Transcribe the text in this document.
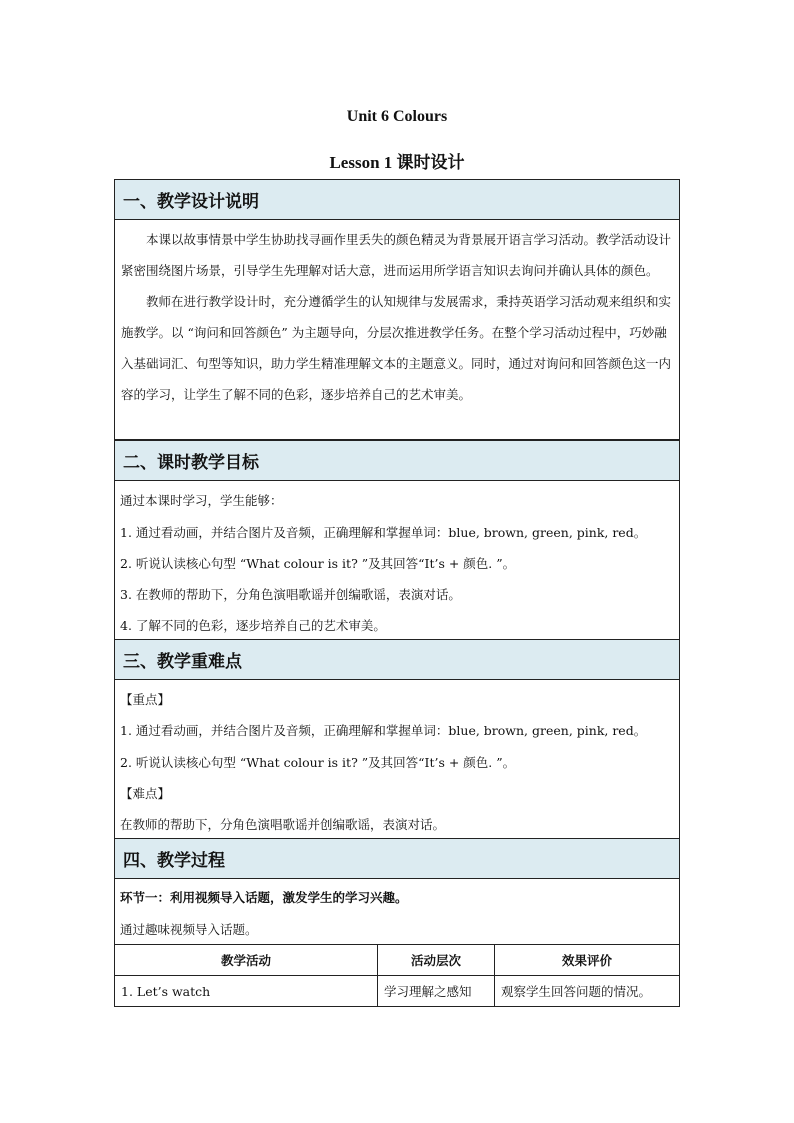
Unit 6 Colours
Lesson 1 课时设计
一、教学设计说明

本课以故事情景中学生协助找寻画作里丢失的颜色精灵为背景展开语言学习活动。教学活动设计紧密围绕图片场景，引导学生先理解对话大意，进而运用所学语言知识去询问并确认具体的颜色。

教师在进行教学设计时，充分遵循学生的认知规律与发展需求，秉持英语学习活动观来组织和实施教学。以 “询问和回答颜色” 为主题导向，分层次推进教学任务。在整个学习活动过程中，巧妙融入基础词汇、句型等知识，助力学生精准理解文本的主题意义。同时，通过对询问和回答颜色这一内容的学习，让学生了解不同的色彩，逐步培养自己的艺术审美。

二、课时教学目标
通过本课时学习，学生能够：
1. 通过看动画，并结合图片及音频，正确理解和掌握单词：blue, brown, green, pink, red。
2. 听说认读核心句型 “What colour is it? ”及其回答“It’s + 颜色. ”。
3. 在教师的帮助下，分角色演唱歌谣并创编歌谣，表演对话。
4. 了解不同的色彩，逐步培养自己的艺术审美。
三、教学重难点
【重点】
1. 通过看动画，并结合图片及音频，正确理解和掌握单词：blue, brown, green, pink, red。
2. 听说认读核心句型 “What colour is it? ”及其回答“It’s + 颜色. ”。
【难点】
在教师的帮助下，分角色演唱歌谣并创编歌谣，表演对话。
四、教学过程
环节一：利用视频导入话题，激发学生的学习兴趣。
通过趣味视频导入话题。
教学活动	活动层次	效果评价
1. Let’s watch	学习理解之感知	观察学生回答问题的情况。
